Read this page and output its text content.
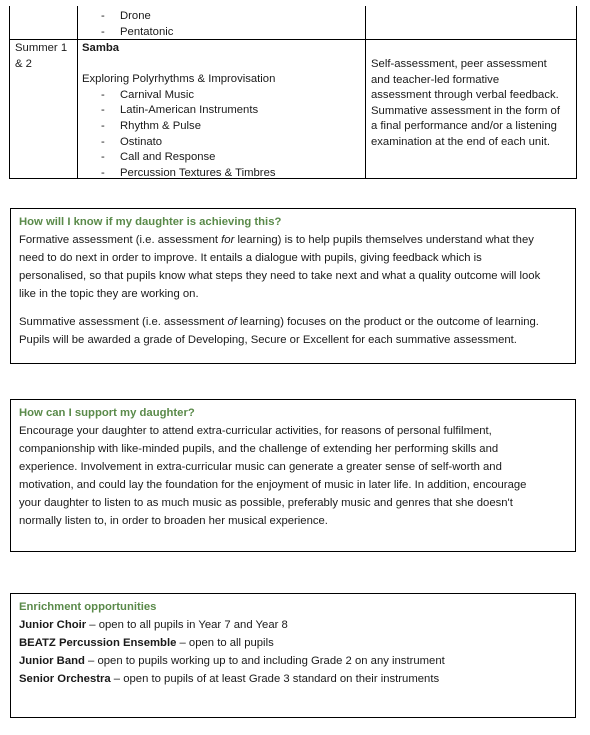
- Drone
- Pentatonic
Summer 1 & 2
Samba
Exploring Polyrhythms & Improvisation
- Carnival Music
- Latin-American Instruments
- Rhythm & Pulse
- Ostinato
- Call and Response
- Percussion Textures & Timbres
Self-assessment, peer assessment
and teacher-led formative
assessment through verbal feedback.
Summative assessment in the form of
a final performance and/or a listening
examination at the end of each unit.
How will I know if my daughter is achieving this?

Formative assessment (i.e. assessment for learning) is to help pupils themselves understand what they

need to do next in order to improve. It entails a dialogue with pupils, giving feedback which is

personalised, so that pupils know what steps they need to take next and what a quality outcome will look

like in the topic they are working on.

Summative assessment (i.e. assessment of learning) focuses on the product or the outcome of learning.

Pupils will be awarded a grade of Developing, Secure or Excellent for each summative assessment.

How can I support my daughter?

Encourage your daughter to attend extra-curricular activities, for reasons of personal fulfilment,

companionship with like-minded pupils, and the challenge of extending her performing skills and

experience. Involvement in extra-curricular music can generate a greater sense of self-worth and

motivation, and could lay the foundation for the enjoyment of music in later life. In addition, encourage

your daughter to listen to as much music as possible, preferably music and genres that she doesn't

normally listen to, in order to broaden her musical experience.

Enrichment opportunities

Junior Choir – open to all pupils in Year 7 and Year 8

BEATZ Percussion Ensemble – open to all pupils

Junior Band – open to pupils working up to and including Grade 2 on any instrument

Senior Orchestra – open to pupils of at least Grade 3 standard on their instruments
